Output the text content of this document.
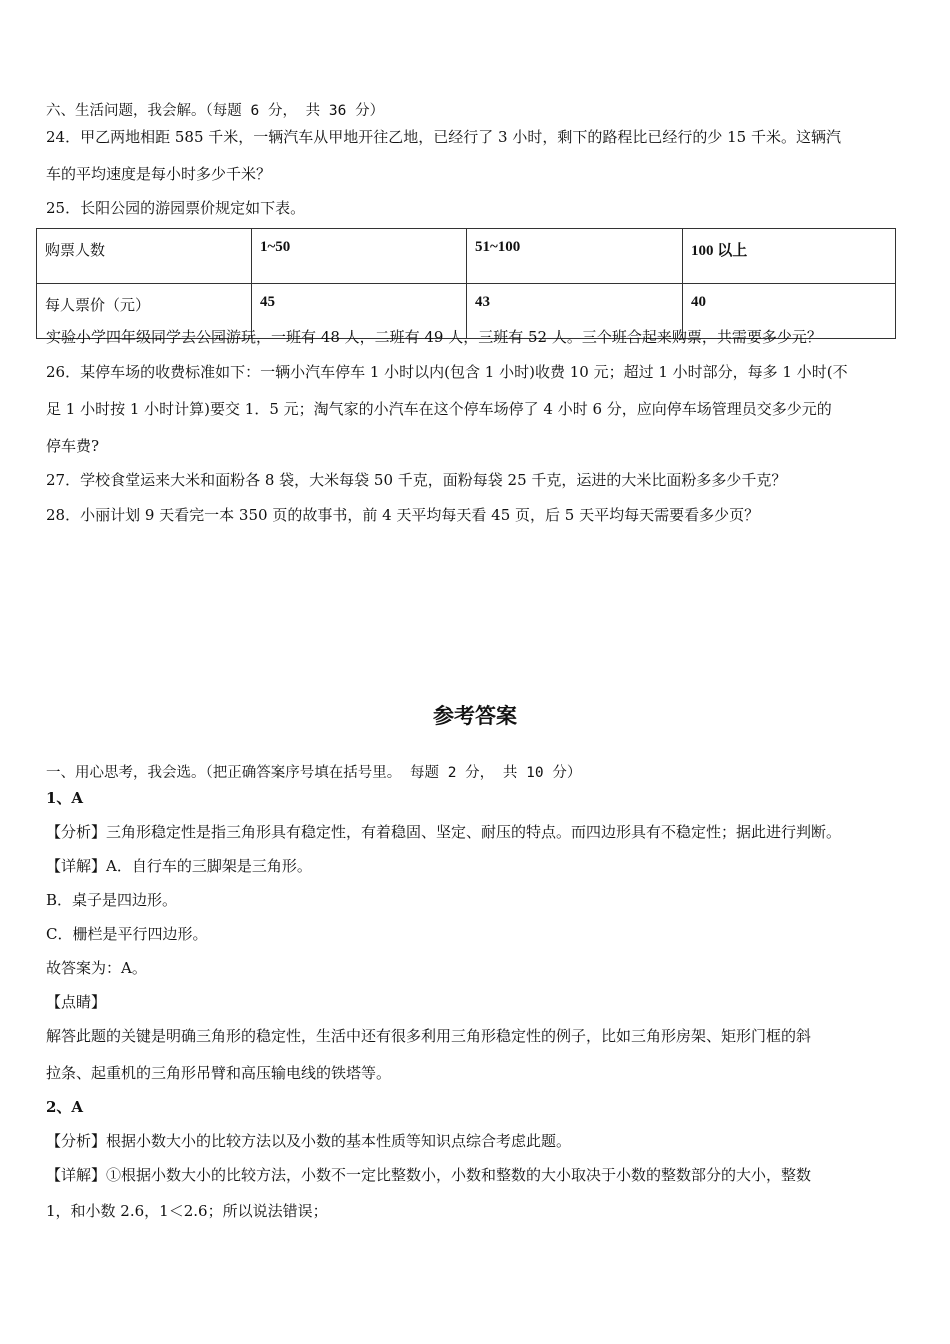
六、生活问题，我会解。（每题 6 分， 共 36 分）
24．甲乙两地相距 585 千米，一辆汽车从甲地开往乙地，已经行了 3 小时，剩下的路程比已经行的少 15 千米。这辆汽
车的平均速度是每小时多少千米？
25．长阳公园的游园票价规定如下表。
购票人数	1~50	51~100	100 以上
每人票价（元）	45	43	40
实验小学四年级同学去公园游玩，一班有 48 人，二班有 49 人，三班有 52 人。三个班合起来购票，共需要多少元？
26．某停车场的收费标准如下：一辆小汽车停车 1 小时以内(包含 1 小时)收费 10 元；超过 1 小时部分，每多 1 小时(不
足 1 小时按 1 小时计算)要交 1．5 元；淘气家的小汽车在这个停车场停了 4 小时 6 分，应向停车场管理员交多少元的
停车费?
27．学校食堂运来大米和面粉各 8 袋，大米每袋 50 千克，面粉每袋 25 千克，运进的大米比面粉多多少千克？
28．小丽计划 9 天看完一本 350 页的故事书，前 4 天平均每天看 45 页，后 5 天平均每天需要看多少页？
参考答案
一、用心思考，我会选。（把正确答案序号填在括号里。 每题 2 分， 共 10 分）
1、A
【分析】三角形稳定性是指三角形具有稳定性，有着稳固、坚定、耐压的特点。而四边形具有不稳定性；据此进行判断。
【详解】A．自行车的三脚架是三角形。
B．桌子是四边形。
C．栅栏是平行四边形。
故答案为：A。
【点睛】
解答此题的关键是明确三角形的稳定性，生活中还有很多利用三角形稳定性的例子，比如三角形房架、矩形门框的斜
拉条、起重机的三角形吊臂和高压输电线的铁塔等。
2、A
【分析】根据小数大小的比较方法以及小数的基本性质等知识点综合考虑此题。
【详解】①根据小数大小的比较方法，小数不一定比整数小，小数和整数的大小取决于小数的整数部分的大小，整数
1，和小数 2.6，1＜2.6；所以说法错误；
